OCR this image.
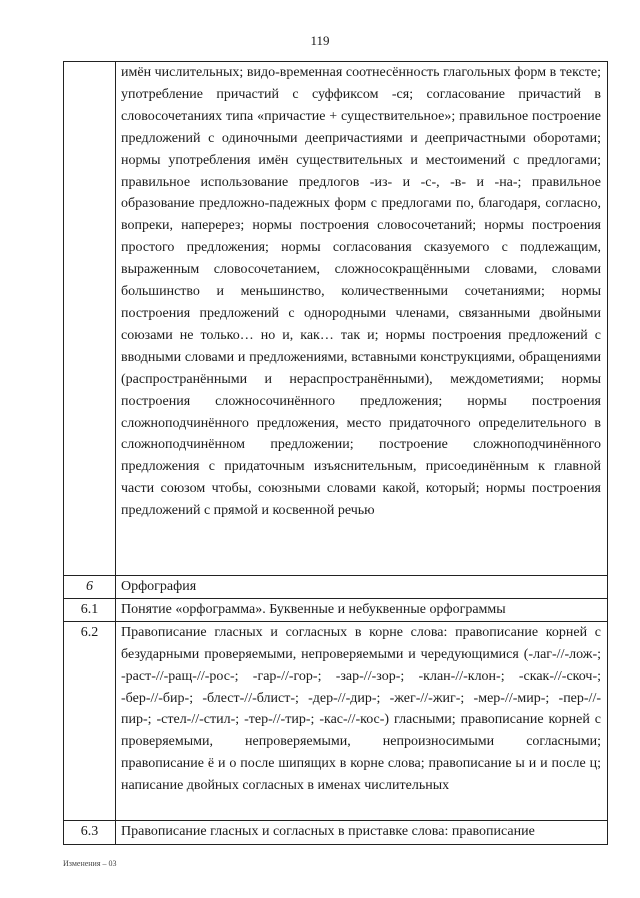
119
	имён числительных; видо-временная соотнесённость глагольных форм в тексте; употребление причастий с суффиксом -ся; согласование причастий в словосочетаниях типа «причастие + существительное»; правильное построение предложений с одиночными деепричастиями и деепричастными оборотами; нормы употребления имён существительных и местоимений с предлогами; правильное использование предлогов -из- и -с-, -в- и -на-; правильное образование предложно-падежных форм с предлогами по, благодаря, согласно, вопреки, наперерез; нормы построения словосочетаний; нормы построения простого предложения; нормы согласования сказуемого с подлежащим, выраженным словосочетанием, сложносокращёнными словами, словами большинство и меньшинство, количественными сочетаниями; нормы построения предложений с однородными членами, связанными двойными союзами не только… но и, как… так и; нормы построения предложений с вводными словами и предложениями, вставными конструкциями, обращениями (распространёнными и нераспространёнными), междометиями; нормы построения сложносочинённого предложения; нормы построения сложноподчинённого предложения, место придаточного определительного в сложноподчинённом предложении; построение сложноподчинённого предложения с придаточным изъяснительным, присоединённым к главной части союзом чтобы, союзными словами какой, который; нормы построения предложений с прямой и косвенной речью
6	Орфография
6.1	Понятие «орфограмма». Буквенные и небуквенные орфограммы
6.2	Правописание гласных и согласных в корне слова: правописание корней с безударными проверяемыми, непроверяемыми и чередующимися (-лаг-//-лож-; -раст-//-ращ-//-рос-; -гар-//-гор-; -зар-//-зор-; -клан-//-клон-; -скак-//-скоч-; -бер-//-бир-; -блест-//-блист-; -дер-//-дир-; -жег-//-жиг-; -мер-//-мир-; -пер-//-пир-; -стел-//-стил-; -тер-//-тир-; -кас-//-кос-) гласными; правописание корней с проверяемыми, непроверяемыми, непроизносимыми согласными; правописание ё и о после шипящих в корне слова; правописание ы и и после ц; написание двойных согласных в именах числительных
6.3	Правописание гласных и согласных в приставке слова: правописание
Изменения – 03
